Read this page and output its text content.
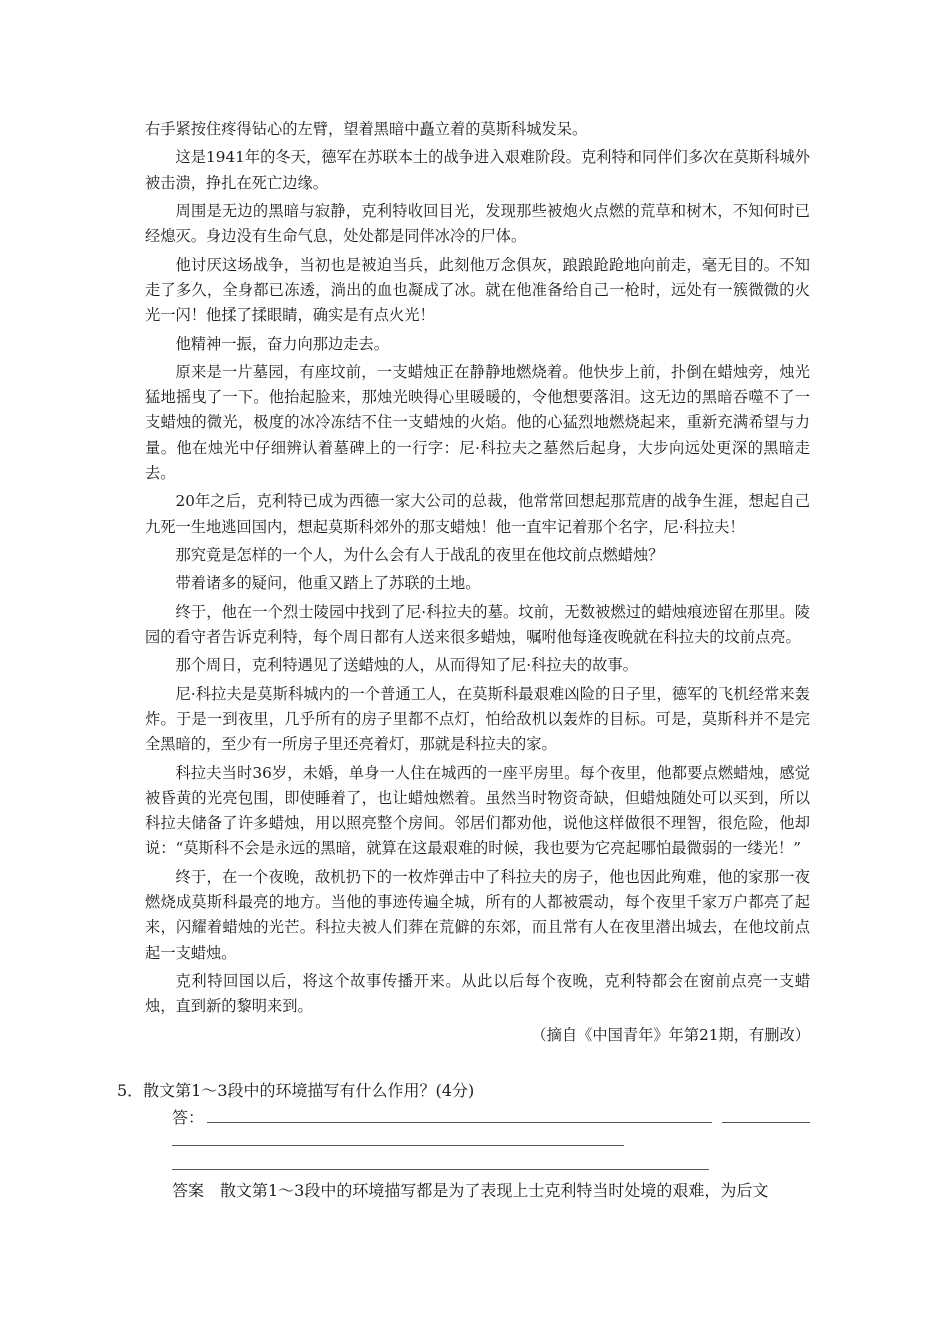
右手紧按住疼得钻心的左臂，望着黑暗中矗立着的莫斯科城发呆。

这是1941年的冬天，德军在苏联本土的战争进入艰难阶段。克利特和同伴们多次在莫斯科城外被击溃，挣扎在死亡边缘。

周围是无边的黑暗与寂静，克利特收回目光，发现那些被炮火点燃的荒草和树木，不知何时已经熄灭。身边没有生命气息，处处都是同伴冰冷的尸体。

他讨厌这场战争，当初也是被迫当兵，此刻他万念俱灰，踉踉跄跄地向前走，毫无目的。不知走了多久，全身都已冻透，淌出的血也凝成了冰。就在他准备给自己一枪时，远处有一簇微微的火光一闪！他揉了揉眼睛，确实是有点火光！

他精神一振，奋力向那边走去。

原来是一片墓园，有座坟前，一支蜡烛正在静静地燃烧着。他快步上前，扑倒在蜡烛旁，烛光猛地摇曳了一下。他抬起脸来，那烛光映得心里暖暖的，令他想要落泪。这无边的黑暗吞噬不了一支蜡烛的微光，极度的冰冷冻结不住一支蜡烛的火焰。他的心猛烈地燃烧起来，重新充满希望与力量。他在烛光中仔细辨认着墓碑上的一行字：尼·科拉夫之墓然后起身，大步向远处更深的黑暗走去。

20年之后，克利特已成为西德一家大公司的总裁，他常常回想起那荒唐的战争生涯，想起自己九死一生地逃回国内，想起莫斯科郊外的那支蜡烛！他一直牢记着那个名字，尼·科拉夫！

那究竟是怎样的一个人，为什么会有人于战乱的夜里在他坟前点燃蜡烛？

带着诸多的疑问，他重又踏上了苏联的土地。

终于，他在一个烈士陵园中找到了尼·科拉夫的墓。坟前，无数被燃过的蜡烛痕迹留在那里。陵园的看守者告诉克利特，每个周日都有人送来很多蜡烛，嘱咐他每逢夜晚就在科拉夫的坟前点亮。

那个周日，克利特遇见了送蜡烛的人，从而得知了尼·科拉夫的故事。

尼·科拉夫是莫斯科城内的一个普通工人，在莫斯科最艰难凶险的日子里，德军的飞机经常来轰炸。于是一到夜里，几乎所有的房子里都不点灯，怕给敌机以轰炸的目标。可是，莫斯科并不是完全黑暗的，至少有一所房子里还亮着灯，那就是科拉夫的家。

科拉夫当时36岁，未婚，单身一人住在城西的一座平房里。每个夜里，他都要点燃蜡烛，感觉被昏黄的光亮包围，即使睡着了，也让蜡烛燃着。虽然当时物资奇缺，但蜡烛随处可以买到，所以科拉夫储备了许多蜡烛，用以照亮整个房间。邻居们都劝他，说他这样做很不理智，很危险，他却说：“莫斯科不会是永远的黑暗，就算在这最艰难的时候，我也要为它亮起哪怕最微弱的一缕光！”

终于，在一个夜晚，敌机扔下的一枚炸弹击中了科拉夫的房子，他也因此殉难，他的家那一夜燃烧成莫斯科最亮的地方。当他的事迹传遍全城，所有的人都被震动，每个夜里千家万户都亮了起来，闪耀着蜡烛的光芒。科拉夫被人们葬在荒僻的东郊，而且常有人在夜里潜出城去，在他坟前点起一支蜡烛。

克利特回国以后，将这个故事传播开来。从此以后每个夜晚，克利特都会在窗前点亮一支蜡烛，直到新的黎明来到。

（摘自《中国青年》年第21期，有删改）

5．散文第1～3段中的环境描写有什么作用？(4分)
答：
答案　散文第1～3段中的环境描写都是为了表现上士克利特当时处境的艰难，为后文
